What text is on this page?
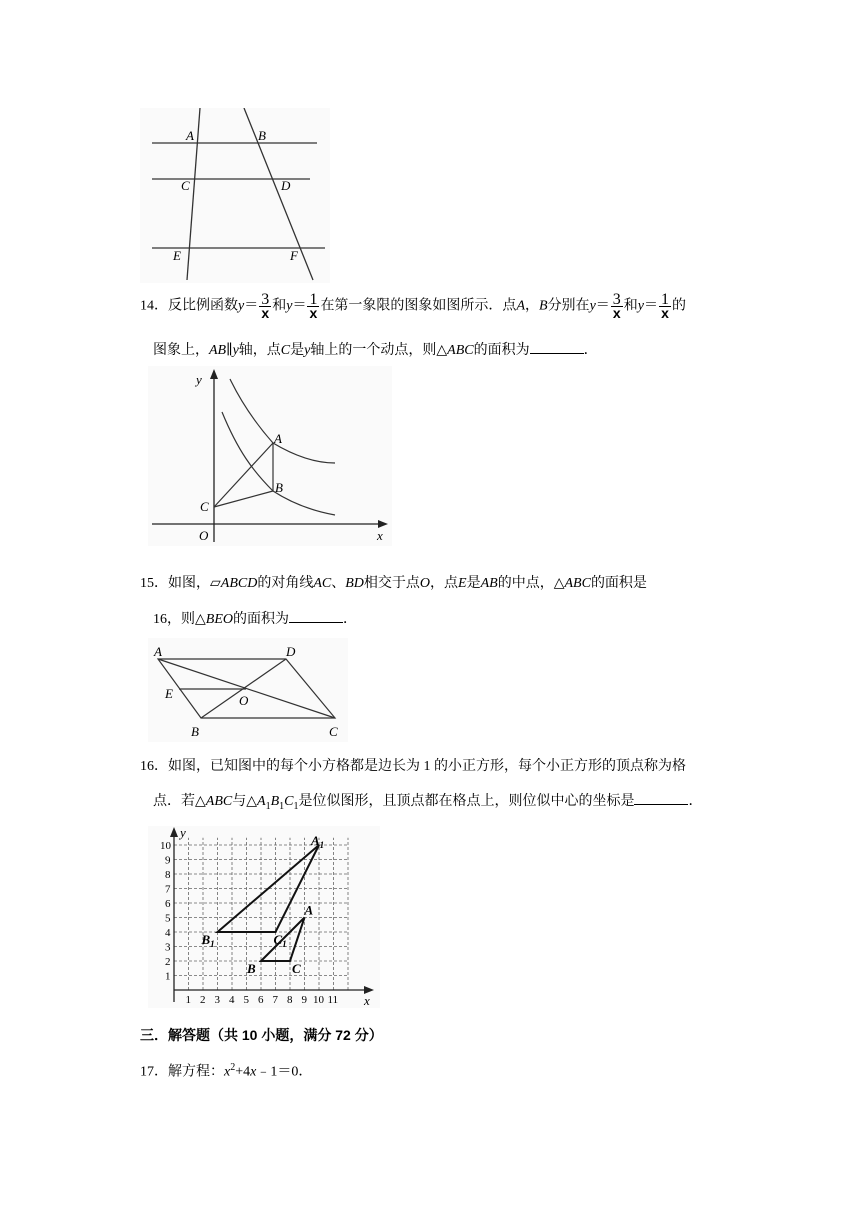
A	B
C	D
E	F
14．反比例函数$y= \frac{3}{x}$ 和$y= \frac{1}{x}$ 在第一象限的图象如图所示．点A，B分别在$y= \frac{3}{x}$ 和$y= \frac{1}{x}$ 的
图象上，AB∥y轴，点C是y轴上的一个动点，则△ABC的面积为	．
y
x
O
A
B
C
15．如图，▱ABCD的对角线AC、BD相交于点O，点E是AB的中点，△ABC的面积是
16，则△BEO的面积为	．
A	D
E	O
B	C
16．如图，已知图中的每个小方格都是边长为 1 的小正方形，每个小正方形的顶点称为格
点．若△ABC与$\triangle A_1B_1C_1$是位似图形，且顶点都在格点上，则位似中心的坐标是	．
1 2 3 4 5 6 7 8 9 10 11
1
2
3
4
5
6
7
8
9
10
y
x
$A_1$
$B_1$	$C_1$
A
B	C
三．解答题（共 10 小题，满分 72 分）
17．解方程：$x^2+4x﹣1=0$．
